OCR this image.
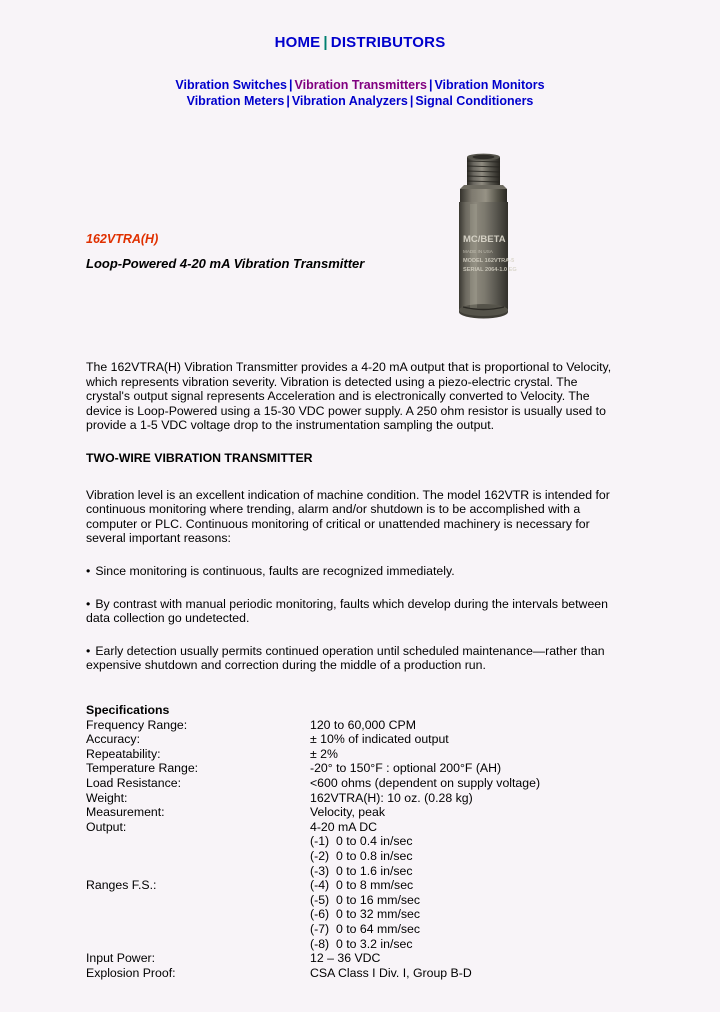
HOME | DISTRIBUTORS
Vibration Switches | Vibration Transmitters | Vibration Monitors
Vibration Meters | Vibration Analyzers | Signal Conditioners
MC/BETA
MADE IN USA
MODEL 162VTRA-5
SERIAL 2064-1.0 EG

162VTRA(H)

Loop-Powered 4-20 mA Vibration Transmitter

The 162VTRA(H) Vibration Transmitter provides a 4-20 mA output that is proportional to Velocity, which represents vibration severity. Vibration is detected using a piezo-electric crystal. The crystal's output signal represents Acceleration and is electronically converted to Velocity. The device is Loop-Powered using a 15-30 VDC power supply. A 250 ohm resistor is usually used to provide a 1-5 VDC voltage drop to the instrumentation sampling the output.

TWO-WIRE VIBRATION TRANSMITTER

Vibration level is an excellent indication of machine condition. The model 162VTR is intended for continuous monitoring where trending, alarm and/or shutdown is to be accomplished with a computer or PLC. Continuous monitoring of critical or unattended machinery is necessary for several important reasons:

• Since monitoring is continuous, faults are recognized immediately.

• By contrast with manual periodic monitoring, faults which develop during the intervals between data collection go undetected.

• Early detection usually permits continued operation until scheduled maintenance—rather than expensive shutdown and correction during the middle of a production run.

Specifications
Frequency Range:	120 to 60,000 CPM
Accuracy:	± 10% of indicated output
Repeatability:	± 2%
Temperature Range:	-20° to 150°F : optional 200°F (AH)
Load Resistance:	<600 ohms (dependent on supply voltage)
Weight:	162VTRA(H): 10 oz. (0.28 kg)
Measurement:	Velocity, peak
Output:	4-20 mA DC

Ranges F.S.:

(-1)  0 to 0.4 in/sec
(-2)  0 to 0.8 in/sec
(-3)  0 to 1.6 in/sec
(-4)  0 to 8 mm/sec
(-5)  0 to 16 mm/sec
(-6)  0 to 32 mm/sec
(-7)  0 to 64 mm/sec
(-8)  0 to 3.2 in/sec

Input Power:	12 – 36 VDC
Explosion Proof:	CSA Class I Div. I, Group B-D
